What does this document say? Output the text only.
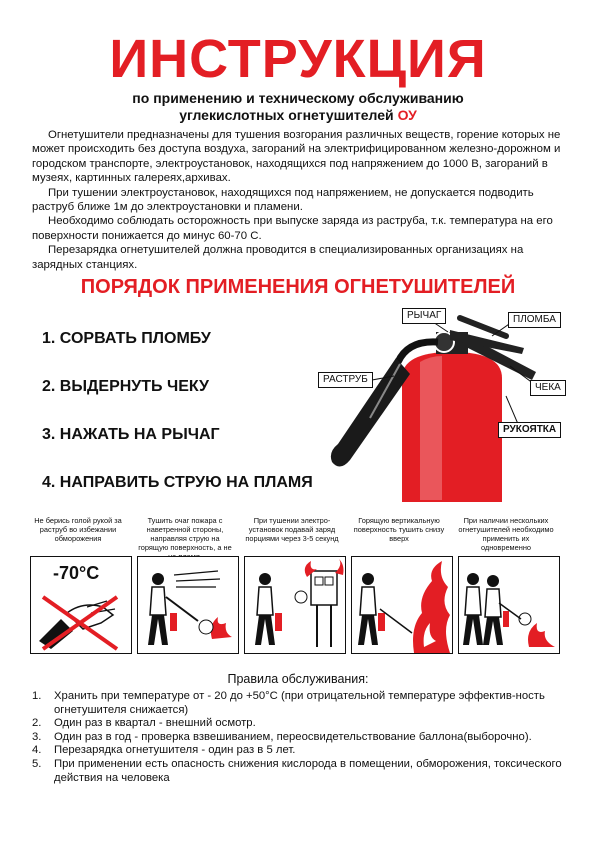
ИНСТРУКЦИЯ
по применению и техническому обслуживанию
углекислотных огнетушителей ОУ

Огнетушители предназначены для тушения возгорания различных веществ, горение которых не может происходить без доступа воздуха, загораний на электрифицированном железно-дорожном и городском транспорте, электроустановок, находящихся под напряжением до 1000 В, загораний в музеях, картинных галереях,архивах.

При тушении электроустановок, находящихся под напряжением, не допускается подводить раструб ближе 1м до электроустановки и пламени.

Необходимо соблюдать осторожность при выпуске заряда из раструба, т.к. температура на его поверхности понижается до минус 60-70 С.

Перезарядка огнетушителей должна проводится в специализированных организациях на зарядных станциях.

ПОРЯДОК ПРИМЕНЕНИЯ ОГНЕТУШИТЕЛЕЙ
1. СОРВАТЬ ПЛОМБУ
2. ВЫДЕРНУТЬ ЧЕКУ
3. НАЖАТЬ НА РЫЧАГ
4. НАПРАВИТЬ СТРУЮ НА ПЛАМЯ
РЫЧАГ	ПЛОМБА
РАСТРУБ
ЧЕКА
РУКОЯТКА
Не берись голой рукой за раструб во избежании обморожения
Тушить очаг пожара с наветренной стороны, направляя струю на горящую поверхность, а не
При тушении электро-установок подавай заряд порциями через 3-5 секунд
Горящую вертикальную поверхность тушить снизу вверх
При наличии нескольких огнетушителей необходимо применить их одновременно
-70°С
Правила обслуживания:
1. Хранить при температуре от - 20 до +50°С (при отрицательной температуре эффектив-ность огнетушителя снижается)
2. Один раз в квартал - внешний осмотр.
3. Один раз в год - проверка взвешиванием, переосвидетельствование баллона(выборочно).
4. Перезарядка огнетушителя - один раз в 5 лет.
5. При применении есть опасность снижения кислорода в помещении, обморожения, токсического действия на человека
